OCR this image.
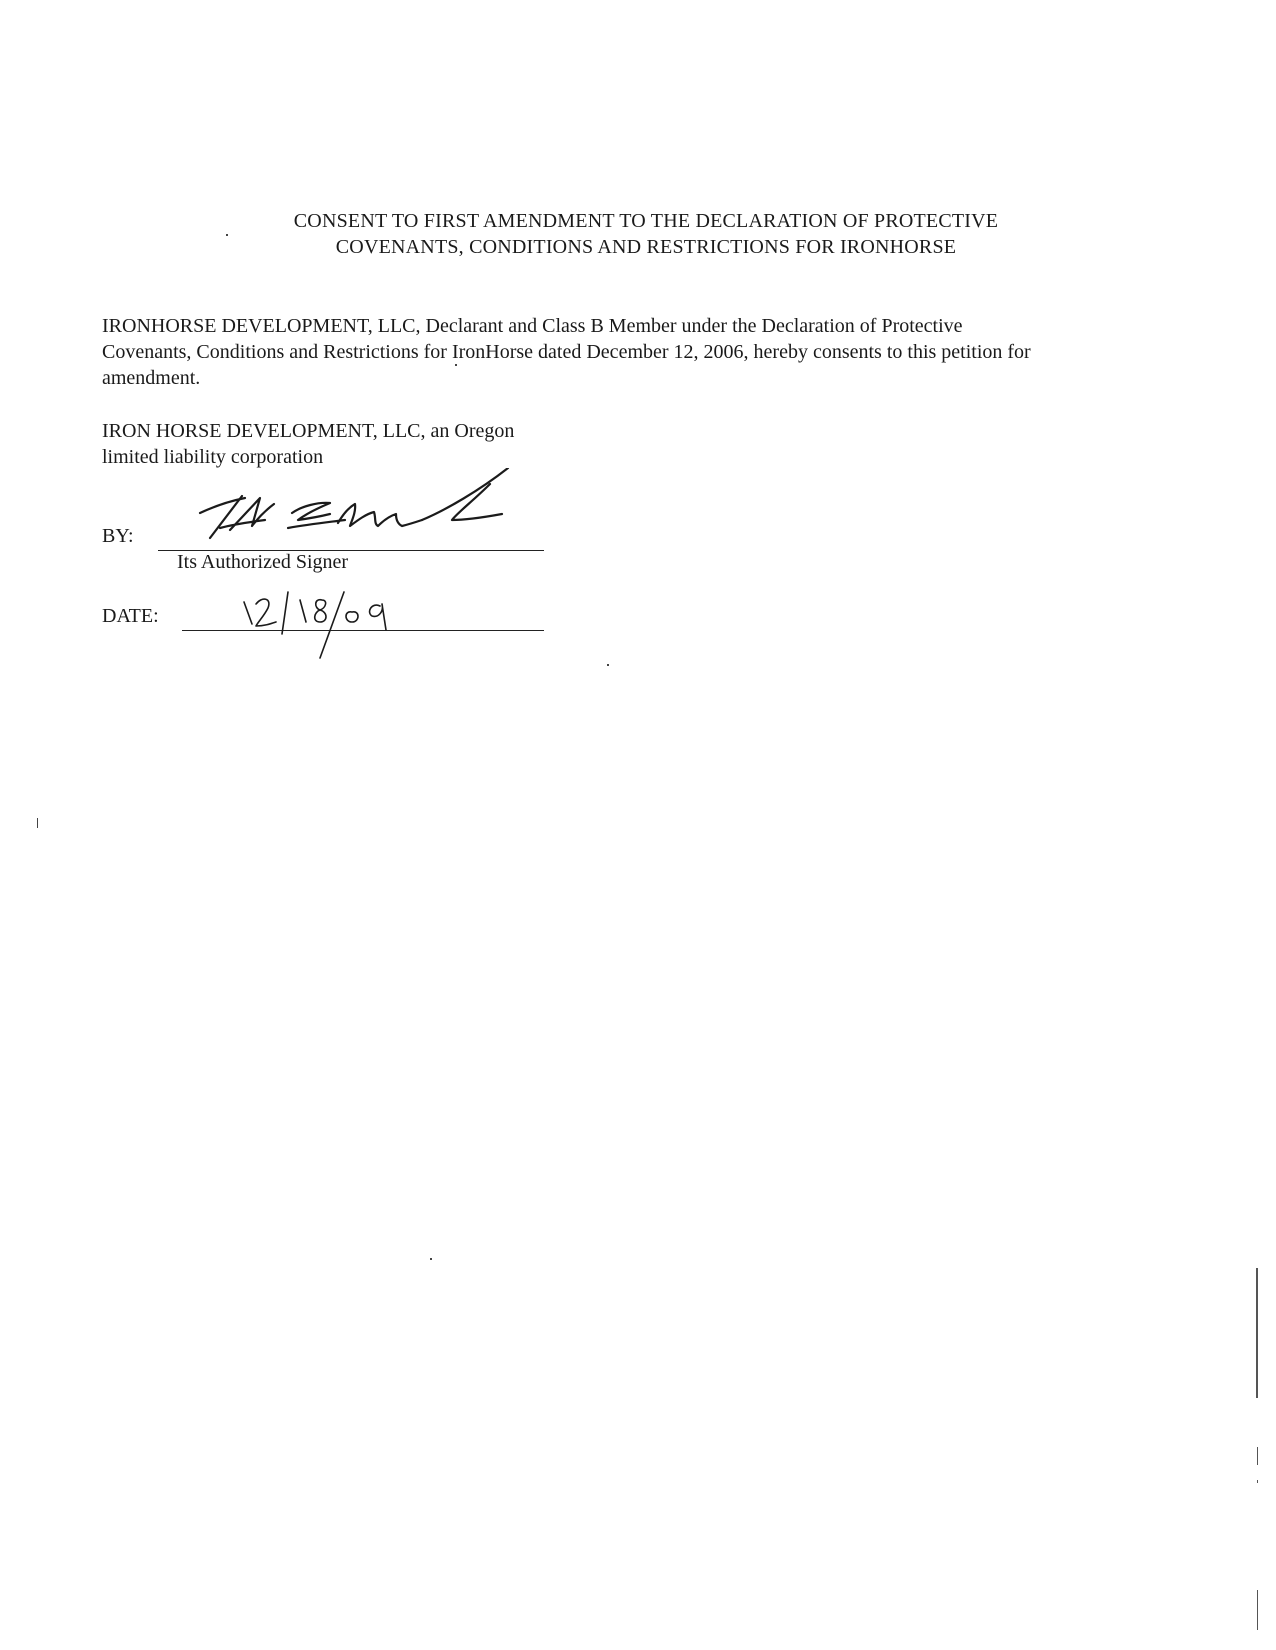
CONSENT TO FIRST AMENDMENT TO THE DECLARATION OF PROTECTIVE
COVENANTS, CONDITIONS AND RESTRICTIONS FOR IRONHORSE
IRONHORSE DEVELOPMENT, LLC, Declarant and Class B Member under the Declaration of Protective
Covenants, Conditions and Restrictions for IronHorse dated December 12, 2006, hereby consents to this petition for
amendment.
IRON HORSE DEVELOPMENT, LLC, an Oregon
limited liability corporation
BY:
Its Authorized Signer
DATE:
